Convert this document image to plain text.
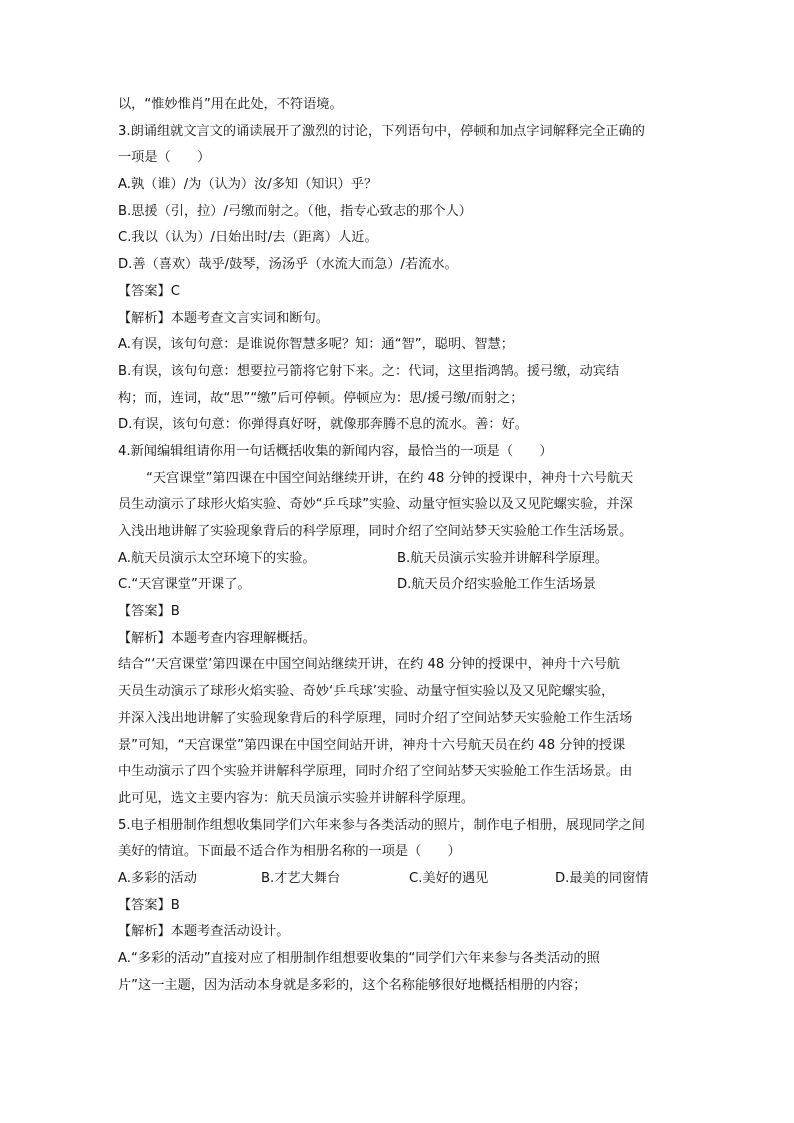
以，“惟妙惟肖”用在此处，不符语境。
3.朗诵组就文言文的诵读展开了激烈的讨论，下列语句中，停顿和加点字词解释完全正确的
一项是（　　）
A.孰（谁）/为（认为）汝/多知（知识）乎？
B.思援（引，拉）/弓缴而射之。（他，指专心致志的那个人）
C.我以（认为）/日始出时/去（距离）人近。
D.善（喜欢）哉乎/鼓琴，汤汤乎（水流大而急）/若流水。
【答案】C
【解析】本题考查文言实词和断句。
A.有误，该句句意：是谁说你智慧多呢？知：通“智”，聪明、智慧；
B.有误，该句句意：想要拉弓箭将它射下来。之：代词，这里指鸿鹄。援弓缴，动宾结
构；而，连词，故“思”“缴”后可停顿。停顿应为：思/援弓缴/而射之；
D.有误，该句句意：你弹得真好呀，就像那奔腾不息的流水。善：好。
4.新闻编辑组请你用一句话概括收集的新闻内容，最恰当的一项是（　　）
“天宫课堂”第四课在中国空间站继续开讲，在约 48 分钟的授课中，神舟十六号航天
员生动演示了球形火焰实验、奇妙“乒乓球”实验、动量守恒实验以及又见陀螺实验，并深
入浅出地讲解了实验现象背后的科学原理，同时介绍了空间站梦天实验舱工作生活场景。
A.航天员演示太空环境下的实验。	B.航天员演示实验并讲解科学原理。
C.“天宫课堂”开课了。	D.航天员介绍实验舱工作生活场景
【答案】B
【解析】本题考查内容理解概括。
结合“‘天宫课堂’第四课在中国空间站继续开讲，在约 48 分钟的授课中，神舟十六号航
天员生动演示了球形火焰实验、奇妙‘乒乓球’实验、动量守恒实验以及又见陀螺实验，
并深入浅出地讲解了实验现象背后的科学原理，同时介绍了空间站梦天实验舱工作生活场
景”可知，“天宫课堂”第四课在中国空间站开讲，神舟十六号航天员在约 48 分钟的授课
中生动演示了四个实验并讲解科学原理，同时介绍了空间站梦天实验舱工作生活场景。由
此可见，选文主要内容为：航天员演示实验并讲解科学原理。
5.电子相册制作组想收集同学们六年来参与各类活动的照片，制作电子相册，展现同学之间
美好的情谊。下面最不适合作为相册名称的一项是（　　）
A.多彩的活动	B.才艺大舞台	C.美好的遇见	D.最美的同窗情
【答案】B
【解析】本题考查活动设计。
A.“多彩的活动”直接对应了相册制作组想要收集的“同学们六年来参与各类活动的照
片”这一主题，因为活动本身就是多彩的，这个名称能够很好地概括相册的内容；
